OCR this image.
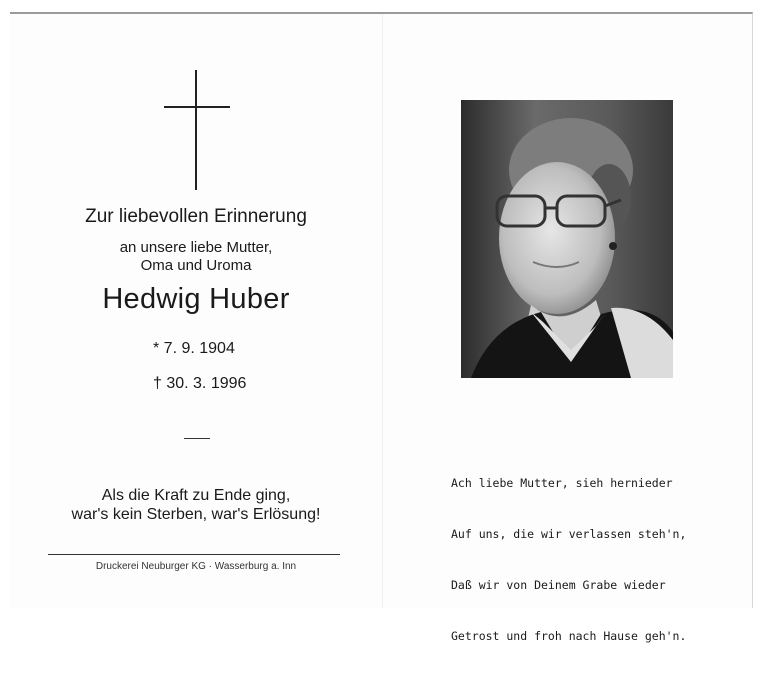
Zur liebevollen Erinnerung
an unsere liebe Mutter,
Oma und Uroma
Hedwig Huber
* 7. 9. 1904
† 30. 3. 1996
Als die Kraft zu Ende ging,
war's kein Sterben, war's Erlösung!
Druckerei Neuburger KG · Wasserburg a. Inn

Ach liebe Mutter, sieh hernieder

Auf uns, die wir verlassen steh'n,

Daß wir von Deinem Grabe wieder

Getrost und froh nach Hause geh'n.
